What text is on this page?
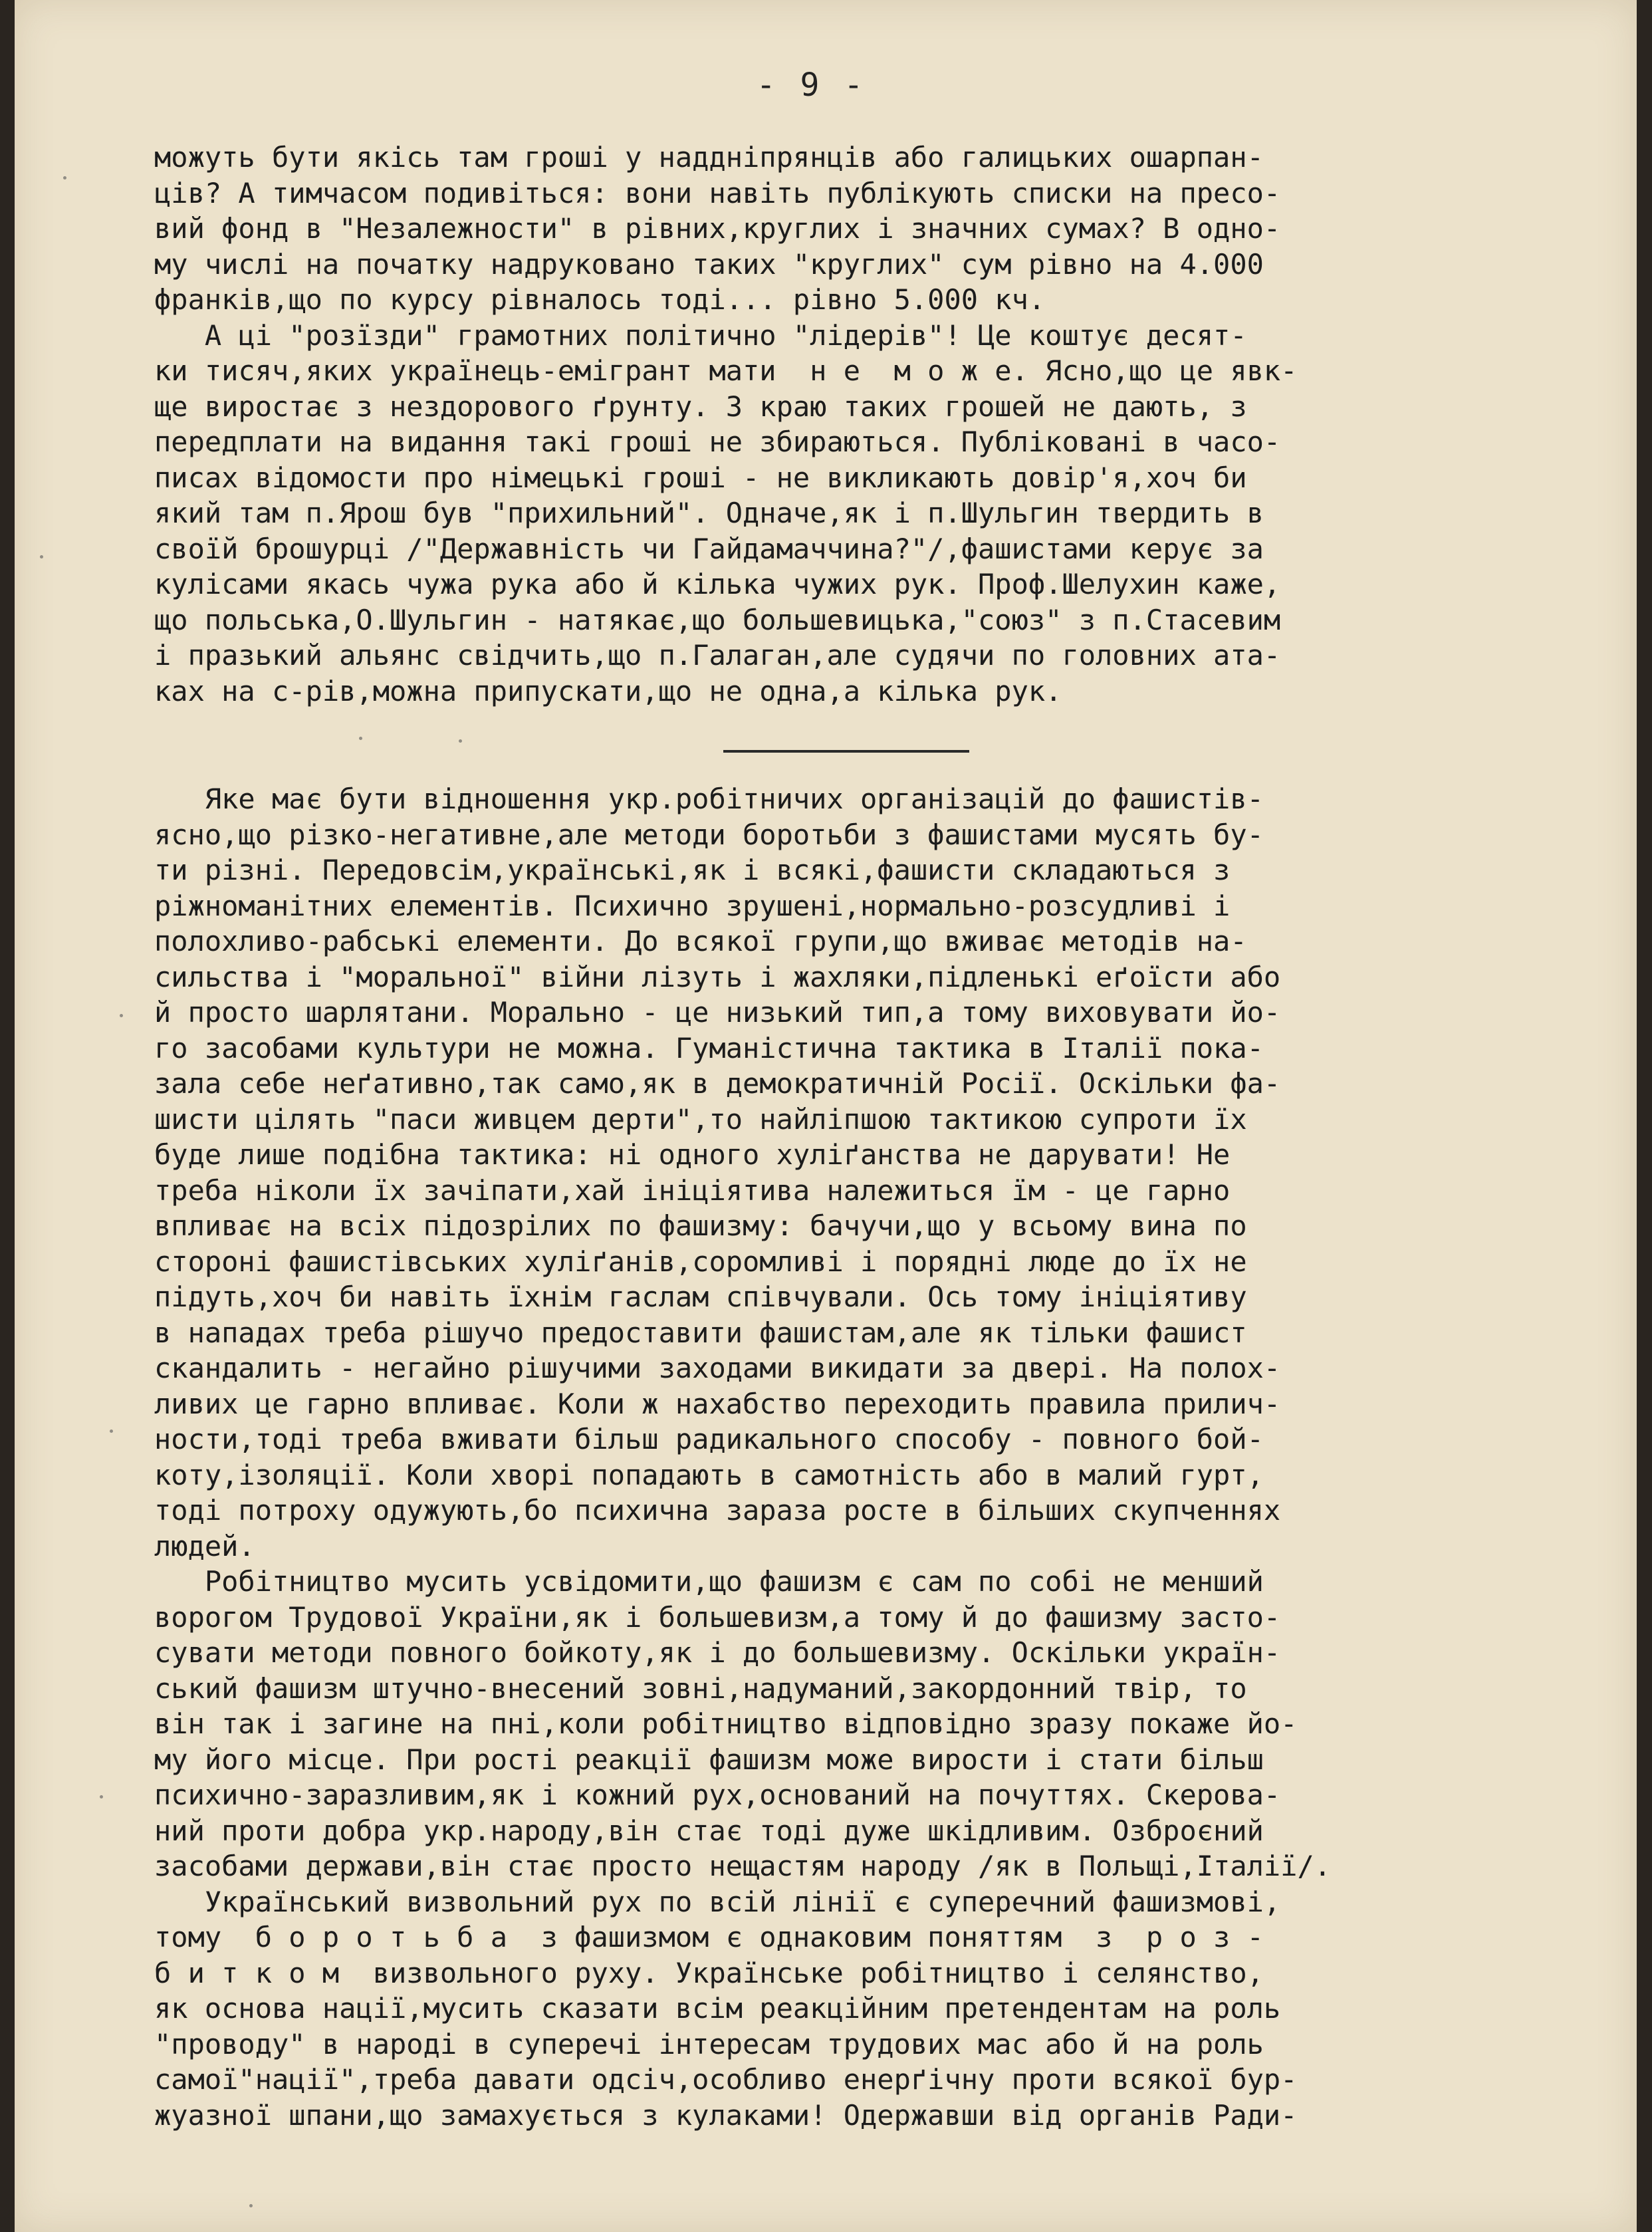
- 9 -
можуть бути якісь там гроші у наддніпрянців або галицьких ошарпан-
ців? А тимчасом подивіться: вони навіть публікують списки на пресо-
вий фонд в "Незалежности" в рівних,круглих і значних сумах? В одно-
му числі на початку надруковано таких "круглих" сум рівно на 4.000
франків,що по курсу рівналось тоді... рівно 5.000 кч.
А ці "розїзди" грамотних політично "лідерів"! Це коштує десят-
ки тисяч,яких українець-емігрант мати  н е  м о ж е. Ясно,що це явк-
ще виростає з нездорового ґрунту. З краю таких грошей не дають, з
передплати на видання такі гроші не збираються. Публіковані в часо-
писах відомости про німецькі гроші - не викликають довір'я,хоч би
який там п.Ярош був "прихильний". Одначе,як і п.Шульгин твердить в
своїй брошурці /"Державність чи Гайдамаччина?"/,фашистами керує за
кулісами якась чужа рука або й кілька чужих рук. Проф.Шелухин каже,
що польська,О.Шульгин - натякає,що большевицька,"союз" з п.Стасевим
і празький альянс свідчить,що п.Галаган,але судячи по головних ата-
ках на с-рів,можна припускати,що не одна,а кілька рук.
Яке має бути відношення укр.робітничих організацій до фашистів-
ясно,що різко-негативне,але методи боротьби з фашистами мусять бу-
ти різні. Передовсім,українські,як і всякі,фашисти складаються з
ріжноманітних елементів. Психично зрушені,нормально-розсудливі і
полохливо-рабські елементи. До всякої групи,що вживає методів на-
сильства і "моральної" війни лізуть і жахляки,підленькі еґоїсти або
й просто шарлятани. Морально - це низький тип,а тому виховувати йо-
го засобами культури не можна. Гуманістична тактика в Італії пока-
зала себе неґативно,так само,як в демократичній Росії. Оскільки фа-
шисти цілять "паси живцем дерти",то найліпшою тактикою супроти їх
буде лише подібна тактика: ні одного хуліґанства не дарувати! Не
треба ніколи їх зачіпати,хай ініціятива належиться їм - це гарно
впливає на всіх підозрілих по фашизму: бачучи,що у всьому вина по
стороні фашистівських хуліґанів,соромливі і порядні люде до їх не
підуть,хоч би навіть їхнім гаслам співчували. Ось тому ініціятиву
в нападах треба рішучо предоставити фашистам,але як тільки фашист
скандалить - негайно рішучими заходами викидати за двері. На полох-
ливих це гарно впливає. Коли ж нахабство переходить правила прилич-
ности,тоді треба вживати більш радикального способу - повного бой-
коту,ізоляції. Коли хворі попадають в самотність або в малий гурт,
тоді потроху одужують,бо психична зараза росте в більших скупченнях
людей.
Робітництво мусить усвідомити,що фашизм є сам по собі не менший
ворогом Трудової України,як і большевизм,а тому й до фашизму засто-
сувати методи повного бойкоту,як і до большевизму. Оскільки україн-
ський фашизм штучно-внесений зовні,надуманий,закордонний твір, то
він так і загине на пні,коли робітництво відповідно зразу покаже йо-
му його місце. При рості реакції фашизм може вирости і стати більш
психично-заразливим,як і кожний рух,оснований на почуттях. Скерова-
ний проти добра укр.народу,він стає тоді дуже шкідливим. Озброєний
засобами держави,він стає просто нещастям народу /як в Польщі,Італії/.
Український визвольний рух по всій лінії є суперечний фашизмові,
тому  б о р о т ь б а  з фашизмом є однаковим поняттям  з  р о з -
б и т к о м  визвольного руху. Українське робітництво і селянство,
як основа нації,мусить сказати всім реакційним претендентам на роль
"проводу" в народі в суперечі інтересам трудових мас або й на роль
самої"нації",треба давати одсіч,особливо енерґічну проти всякої бур-
жуазної шпани,що замахується з кулаками! Одержавши від органів Ради-
